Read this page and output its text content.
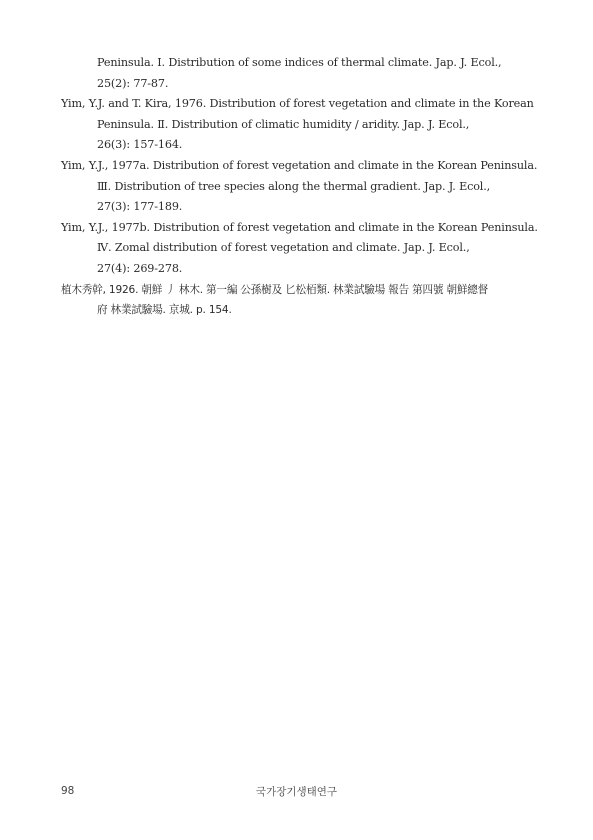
Peninsula. Ⅰ. Distribution of some indices of thermal climate. Jap. J. Ecol.,
25(2): 77-87.
Yim, Y.J. and T. Kira, 1976. Distribution of forest vegetation and climate in the Korean
Peninsula. Ⅱ. Distribution of climatic humidity / aridity. Jap. J. Ecol.,
26(3): 157-164.
Yim, Y.J., 1977a. Distribution of forest vegetation and climate in the Korean Peninsula.
Ⅲ. Distribution of tree species along the thermal gradient. Jap. J. Ecol.,
27(3): 177-189.
Yim, Y.J., 1977b. Distribution of forest vegetation and climate in the Korean Peninsula.
Ⅳ. Zomal distribution of forest vegetation and climate. Jap. J. Ecol.,
27(4): 269-278.
植木秀幹, 1926. 朝鮮 丿 林木. 第一編 公孫樹及 匕松栢類. 林業試驗場 報告 第四號 朝鮮總督
府 林業試驗場. 京城. p. 154.
98	국가장기생태연구
